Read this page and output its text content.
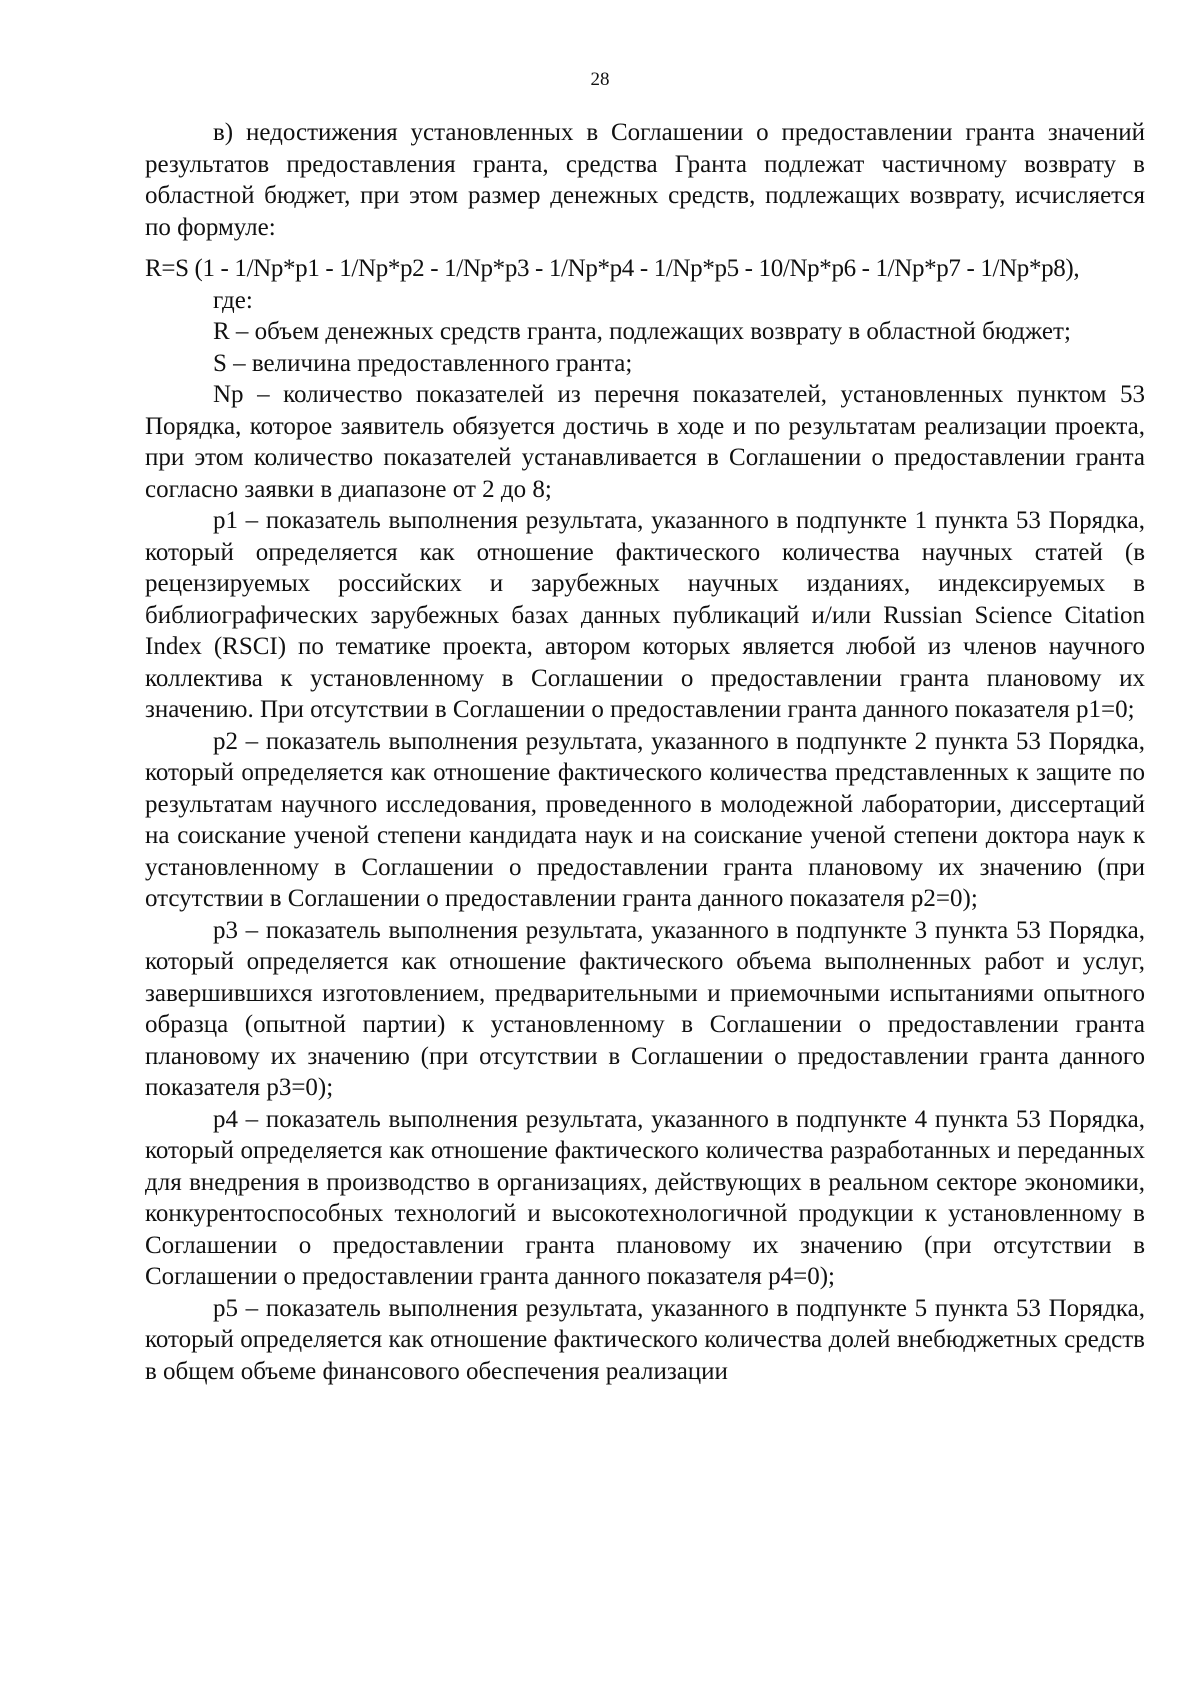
28

в) недостижения установленных в Соглашении о предоставлении гранта значений результатов предоставления гранта, средства Гранта подлежат частичному возврату в областной бюджет, при этом размер денежных средств, подлежащих возврату, исчисляется по формуле:

R=S (1 - 1/Np*p1 - 1/Np*p2 - 1/Np*p3 - 1/Np*p4 - 1/Np*p5 - 10/Np*p6 - 1/Np*p7 - 1/Np*p8),

где:

R – объем денежных средств гранта, подлежащих возврату в областной бюджет;

S – величина предоставленного гранта;

Np – количество показателей из перечня показателей, установленных пунктом 53 Порядка, которое заявитель обязуется достичь в ходе и по результатам реализации проекта, при этом количество показателей устанавливается в Соглашении о предоставлении гранта согласно заявки в диапазоне от 2 до 8;

p1 – показатель выполнения результата, указанного в подпункте 1 пункта 53 Порядка, который определяется как отношение фактического количества научных статей (в рецензируемых российских и зарубежных научных изданиях, индексируемых в библиографических зарубежных базах данных публикаций и/или Russian Science Citation Index (RSCI) по тематике проекта, автором которых является любой из членов научного коллектива к установленному в Соглашении о предоставлении гранта плановому их значению. При отсутствии в Соглашении о предоставлении гранта данного показателя p1=0;

p2 – показатель выполнения результата, указанного в подпункте 2 пункта 53 Порядка, который определяется как отношение фактического количества представленных к защите по результатам научного исследования, проведенного в молодежной лаборатории, диссертаций на соискание ученой степени кандидата наук и на соискание ученой степени доктора наук к установленному в Соглашении о предоставлении гранта плановому их значению (при отсутствии в Соглашении о предоставлении гранта данного показателя p2=0);

p3 – показатель выполнения результата, указанного в подпункте 3 пункта 53 Порядка, который определяется как отношение фактического объема выполненных работ и услуг, завершившихся изготовлением, предварительными и приемочными испытаниями опытного образца (опытной партии) к установленному в Соглашении о предоставлении гранта плановому их значению (при отсутствии в Соглашении о предоставлении гранта данного показателя p3=0);

p4 – показатель выполнения результата, указанного в подпункте 4 пункта 53 Порядка, который определяется как отношение фактического количества разработанных и переданных для внедрения в производство в организациях, действующих в реальном секторе экономики, конкурентоспособных технологий и высокотехнологичной продукции к установленному в Соглашении о предоставлении гранта плановому их значению (при отсутствии в Соглашении о предоставлении гранта данного показателя p4=0);

p5 – показатель выполнения результата, указанного в подпункте 5 пункта 53 Порядка, который определяется как отношение фактического количества долей внебюджетных средств в общем объеме финансового обеспечения реализации
